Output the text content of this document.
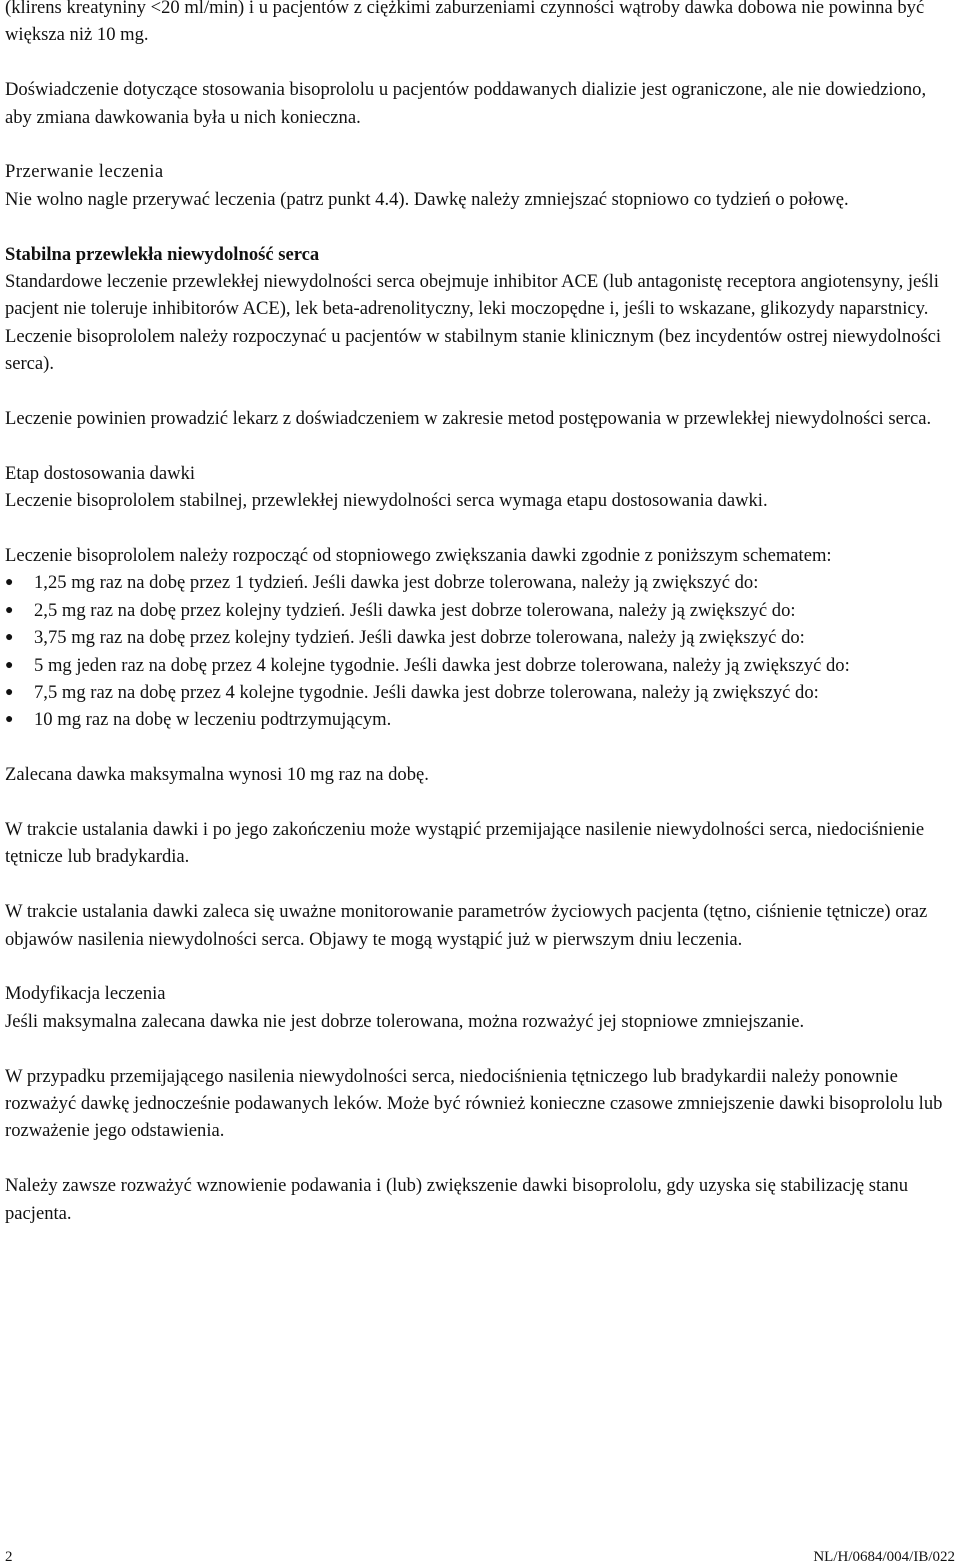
(klirens kreatyniny <20 ml/min) i u pacjentów z ciężkimi zaburzeniami czynności wątroby dawka dobowa nie powinna być większa niż 10 mg.

Doświadczenie dotyczące stosowania bisoprololu u pacjentów poddawanych dializie jest ograniczone, ale nie dowiedziono, aby zmiana dawkowania była u nich konieczna.

Przerwanie leczenia
Nie wolno nagle przerywać leczenia (patrz punkt 4.4). Dawkę należy zmniejszać stopniowo co tydzień o połowę.
Stabilna przewlekła niewydolność serca
Standardowe leczenie przewlekłej niewydolności serca obejmuje inhibitor ACE (lub antagonistę receptora angiotensyny, jeśli pacjent nie toleruje inhibitorów ACE), lek beta-adrenolityczny, leki moczopędne i, jeśli to wskazane, glikozydy naparstnicy. Leczenie bisoprololem należy rozpoczynać u pacjentów w stabilnym stanie klinicznym (bez incydentów ostrej niewydolności serca).

Leczenie powinien prowadzić lekarz z doświadczeniem w zakresie metod postępowania w przewlekłej niewydolności serca.

Etap dostosowania dawki
Leczenie bisoprololem stabilnej, przewlekłej niewydolności serca wymaga etapu dostosowania dawki.

Leczenie bisoprololem należy rozpocząć od stopniowego zwiększania dawki zgodnie z poniższym schematem:

● 1,25 mg raz na dobę przez 1 tydzień. Jeśli dawka jest dobrze tolerowana, należy ją zwiększyć do:
● 2,5 mg raz na dobę przez kolejny tydzień. Jeśli dawka jest dobrze tolerowana, należy ją zwiększyć do:
● 3,75 mg raz na dobę przez kolejny tydzień. Jeśli dawka jest dobrze tolerowana, należy ją zwiększyć do:
● 5 mg jeden raz na dobę przez 4 kolejne tygodnie. Jeśli dawka jest dobrze tolerowana, należy ją zwiększyć do:
● 7,5 mg raz na dobę przez 4 kolejne tygodnie. Jeśli dawka jest dobrze tolerowana, należy ją zwiększyć do:
● 10 mg raz na dobę w leczeniu podtrzymującym.

Zalecana dawka maksymalna wynosi 10 mg raz na dobę.

W trakcie ustalania dawki i po jego zakończeniu może wystąpić przemijające nasilenie niewydolności serca, niedociśnienie tętnicze lub bradykardia.

W trakcie ustalania dawki zaleca się uważne monitorowanie parametrów życiowych pacjenta (tętno, ciśnienie tętnicze) oraz objawów nasilenia niewydolności serca. Objawy te mogą wystąpić już w pierwszym dniu leczenia.

Modyfikacja leczenia
Jeśli maksymalna zalecana dawka nie jest dobrze tolerowana, można rozważyć jej stopniowe zmniejszanie.

W przypadku przemijającego nasilenia niewydolności serca, niedociśnienia tętniczego lub bradykardii należy ponownie rozważyć dawkę jednocześnie podawanych leków. Może być również konieczne czasowe zmniejszenie dawki bisoprololu lub rozważenie jego odstawienia.

Należy zawsze rozważyć wznowienie podawania i (lub) zwiększenie dawki bisoprololu, gdy uzyska się stabilizację stanu pacjenta.

2	NL/H/0684/004/IB/022
